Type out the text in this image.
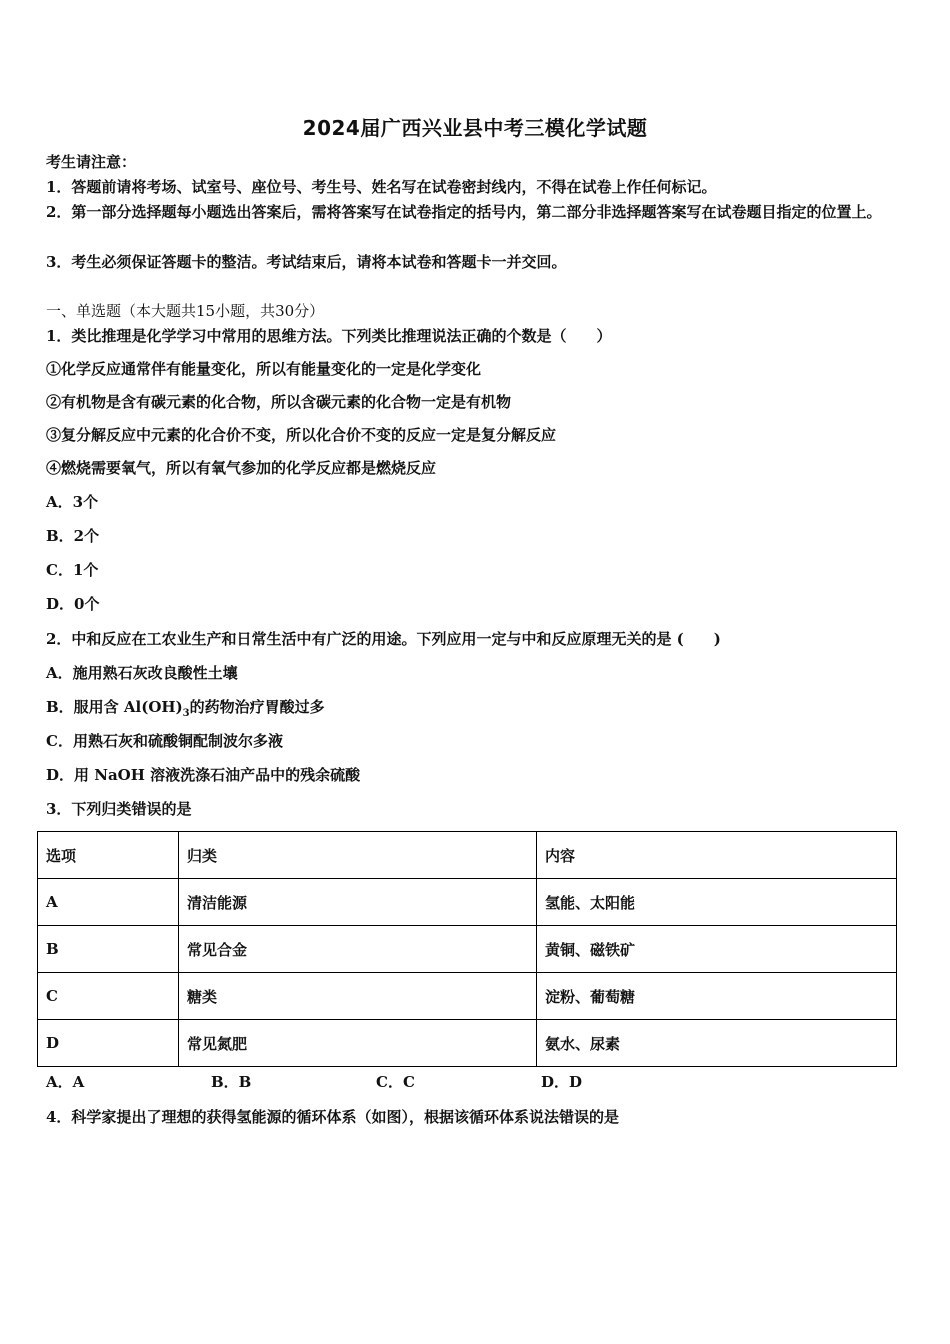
2024届广西兴业县中考三模化学试题
考生请注意：
1．答题前请将考场、试室号、座位号、考生号、姓名写在试卷密封线内，不得在试卷上作任何标记。
2．第一部分选择题每小题选出答案后，需将答案写在试卷指定的括号内，第二部分非选择题答案写在试卷题目指定的位置上。
3．考生必须保证答题卡的整洁。考试结束后，请将本试卷和答题卡一并交回。
一、单选题（本大题共15小题，共30分）
1．类比推理是化学学习中常用的思维方法。下列类比推理说法正确的个数是（　　）
①化学反应通常伴有能量变化，所以有能量变化的一定是化学变化
②有机物是含有碳元素的化合物，所以含碳元素的化合物一定是有机物
③复分解反应中元素的化合价不变，所以化合价不变的反应一定是复分解反应
④燃烧需要氧气，所以有氧气参加的化学反应都是燃烧反应
A．3个
B．2个
C．1个
D．0个
2．中和反应在工农业生产和日常生活中有广泛的用途。下列应用一定与中和反应原理无关的是 (　　)
A．施用熟石灰改良酸性土壤
B．服用含 $Al(OH)_3$的药物治疗胃酸过多
C．用熟石灰和硫酸铜配制波尔多液
D．用 NaOH 溶液洗涤石油产品中的残余硫酸
3．下列归类错误的是
选项	归类	内容
A	清洁能源	氢能、太阳能
B	常见合金	黄铜、磁铁矿
C	糖类	淀粉、葡萄糖
D	常见氮肥	氨水、尿素
A．A	B．B	C．C	D．D
4．科学家提出了理想的获得氢能源的循环体系（如图），根据该循环体系说法错误的是
